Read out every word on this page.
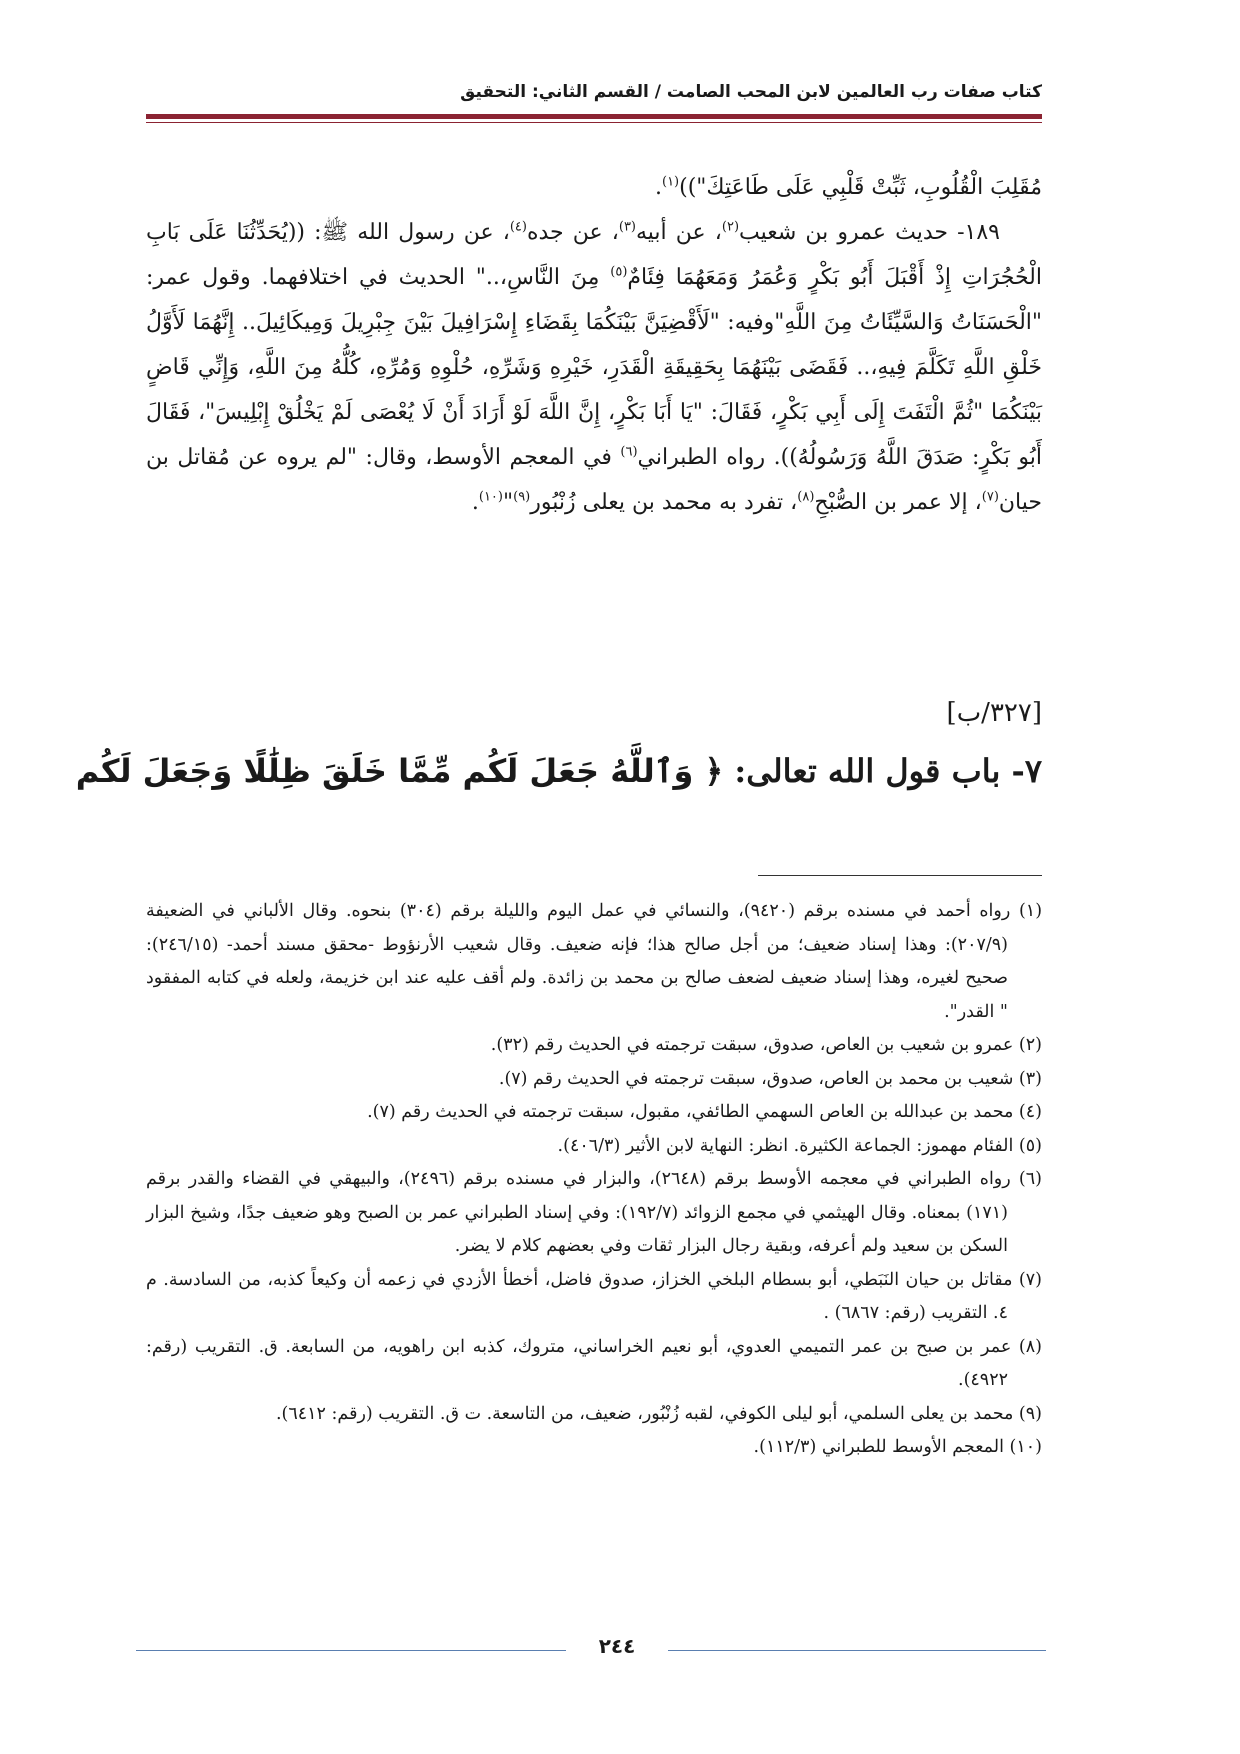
كتاب صفات رب العالمين لابن المحب الصامت / القسم الثاني: التحقيق

مُقَلِبَ الْقُلُوبِ، ثَبِّتْ قَلْبِي عَلَى طَاعَتِكَ"))$^{(١)}$.

١٨٩- حديث عمرو بن شعيب$^{(٢)}$، عن أبيه$^{(٣)}$، عن جده$^{(٤)}$، عن رسول الله ﷺ: ((يُحَدِّثُنَا عَلَى بَابِ الْحُجُرَاتِ إِذْ أَقْبَلَ أَبُو بَكْرٍ وَعُمَرُ وَمَعَهُمَا فِئَامٌ$^{(٥)}$ مِنَ النَّاسِ،.." الحديث في اختلافهما. وقول عمر: "الْحَسَنَاتُ وَالسَّيِّئَاتُ مِنَ اللَّهِ"وفيه: "لَأَقْضِيَنَّ بَيْنَكُمَا بِقَضَاءِ إِسْرَافِيلَ بَيْنَ جِبْرِيلَ وَمِيكَائِيلَ.. إِنَّهُمَا لَأَوَّلُ خَلْقِ اللَّهِ تَكَلَّمَ فِيهِ،.. فَقَضَى بَيْنَهُمَا بِحَقِيقَةِ الْقَدَرِ، خَيْرِهِ وَشَرِّهِ، حُلْوِهِ وَمُرِّهِ، كُلُّهُ مِنَ اللَّهِ، وَإِنِّي قَاضٍ بَيْنَكُمَا "ثُمَّ الْتَفَتَ إِلَى أَبِي بَكْرٍ، فَقَالَ: "يَا أَبَا بَكْرٍ، إِنَّ اللَّهَ لَوْ أَرَادَ أَنْ لَا يُعْصَى لَمْ يَخْلُقْ إِبْلِيسَ"، فَقَالَ أَبُو بَكْرٍ: صَدَقَ اللَّهُ وَرَسُولُهُ)). رواه الطبراني$^{(٦)}$ في المعجم الأوسط، وقال: "لم يروه عن مُقاتل بن حيان$^{(٧)}$، إلا عمر بن الصُّبْحِ$^{(٨)}$، تفرد به محمد بن يعلى زُنْبُور$^{(٩)}$"$^{(١٠)}$.

[٣٢٧/ب]
٧- باب قول الله تعالى: ﴿ وَٱللَّهُ جَعَلَ لَكُم مِّمَّا خَلَقَ ظِلَٰلًا وَجَعَلَ لَكُم

(١) رواه أحمد في مسنده برقم (٩٤٢٠)، والنسائي في عمل اليوم والليلة برقم (٣٠٤) بنحوه. وقال الألباني في الضعيفة (٢٠٧/٩): وهذا إسناد ضعيف؛ من أجل صالح هذا؛ فإنه ضعيف. وقال شعيب الأرنؤوط -محقق مسند أحمد- (٢٤٦/١٥): صحيح لغيره، وهذا إسناد ضعيف لضعف صالح بن محمد بن زائدة. ولم أقف عليه عند ابن خزيمة، ولعله في كتابه المفقود " القدر".

(٢) عمرو بن شعيب بن العاص، صدوق، سبقت ترجمته في الحديث رقم (٣٢).

(٣) شعيب بن محمد بن العاص، صدوق، سبقت ترجمته في الحديث رقم (٧).

(٤) محمد بن عبدالله بن العاص السهمي الطائفي، مقبول، سبقت ترجمته في الحديث رقم (٧).

(٥) الفئام مهموز: الجماعة الكثيرة. انظر: النهاية لابن الأثير (٤٠٦/٣).

(٦) رواه الطبراني في معجمه الأوسط برقم (٢٦٤٨)، والبزار في مسنده برقم (٢٤٩٦)، والبيهقي في القضاء والقدر برقم (١٧١) بمعناه. وقال الهيثمي في مجمع الزوائد (١٩٢/٧): وفي إسناد الطبراني عمر بن الصبح وهو ضعيف جدًا، وشيخ البزار السكن بن سعيد ولم أعرفه، وبقية رجال البزار ثقات وفي بعضهم كلام لا يضر.

(٧) مقاتل بن حيان النَبَطي، أبو بسطام البلخي الخزاز، صدوق فاضل، أخطأ الأزدي في زعمه أن وكيعاً كذبه، من السادسة. م ٤. التقريب (رقم: ٦٨٦٧) .

(٨) عمر بن صبح بن عمر التميمي العدوي، أبو نعيم الخراساني، متروك، كذبه ابن راهويه، من السابعة. ق. التقريب (رقم: ٤٩٢٢).

(٩) محمد بن يعلى السلمي، أبو ليلى الكوفي، لقبه زُنْبُور، ضعيف، من التاسعة. ت ق. التقريب (رقم: ٦٤١٢).

(١٠) المعجم الأوسط للطبراني (١١٢/٣).

٢٤٤
